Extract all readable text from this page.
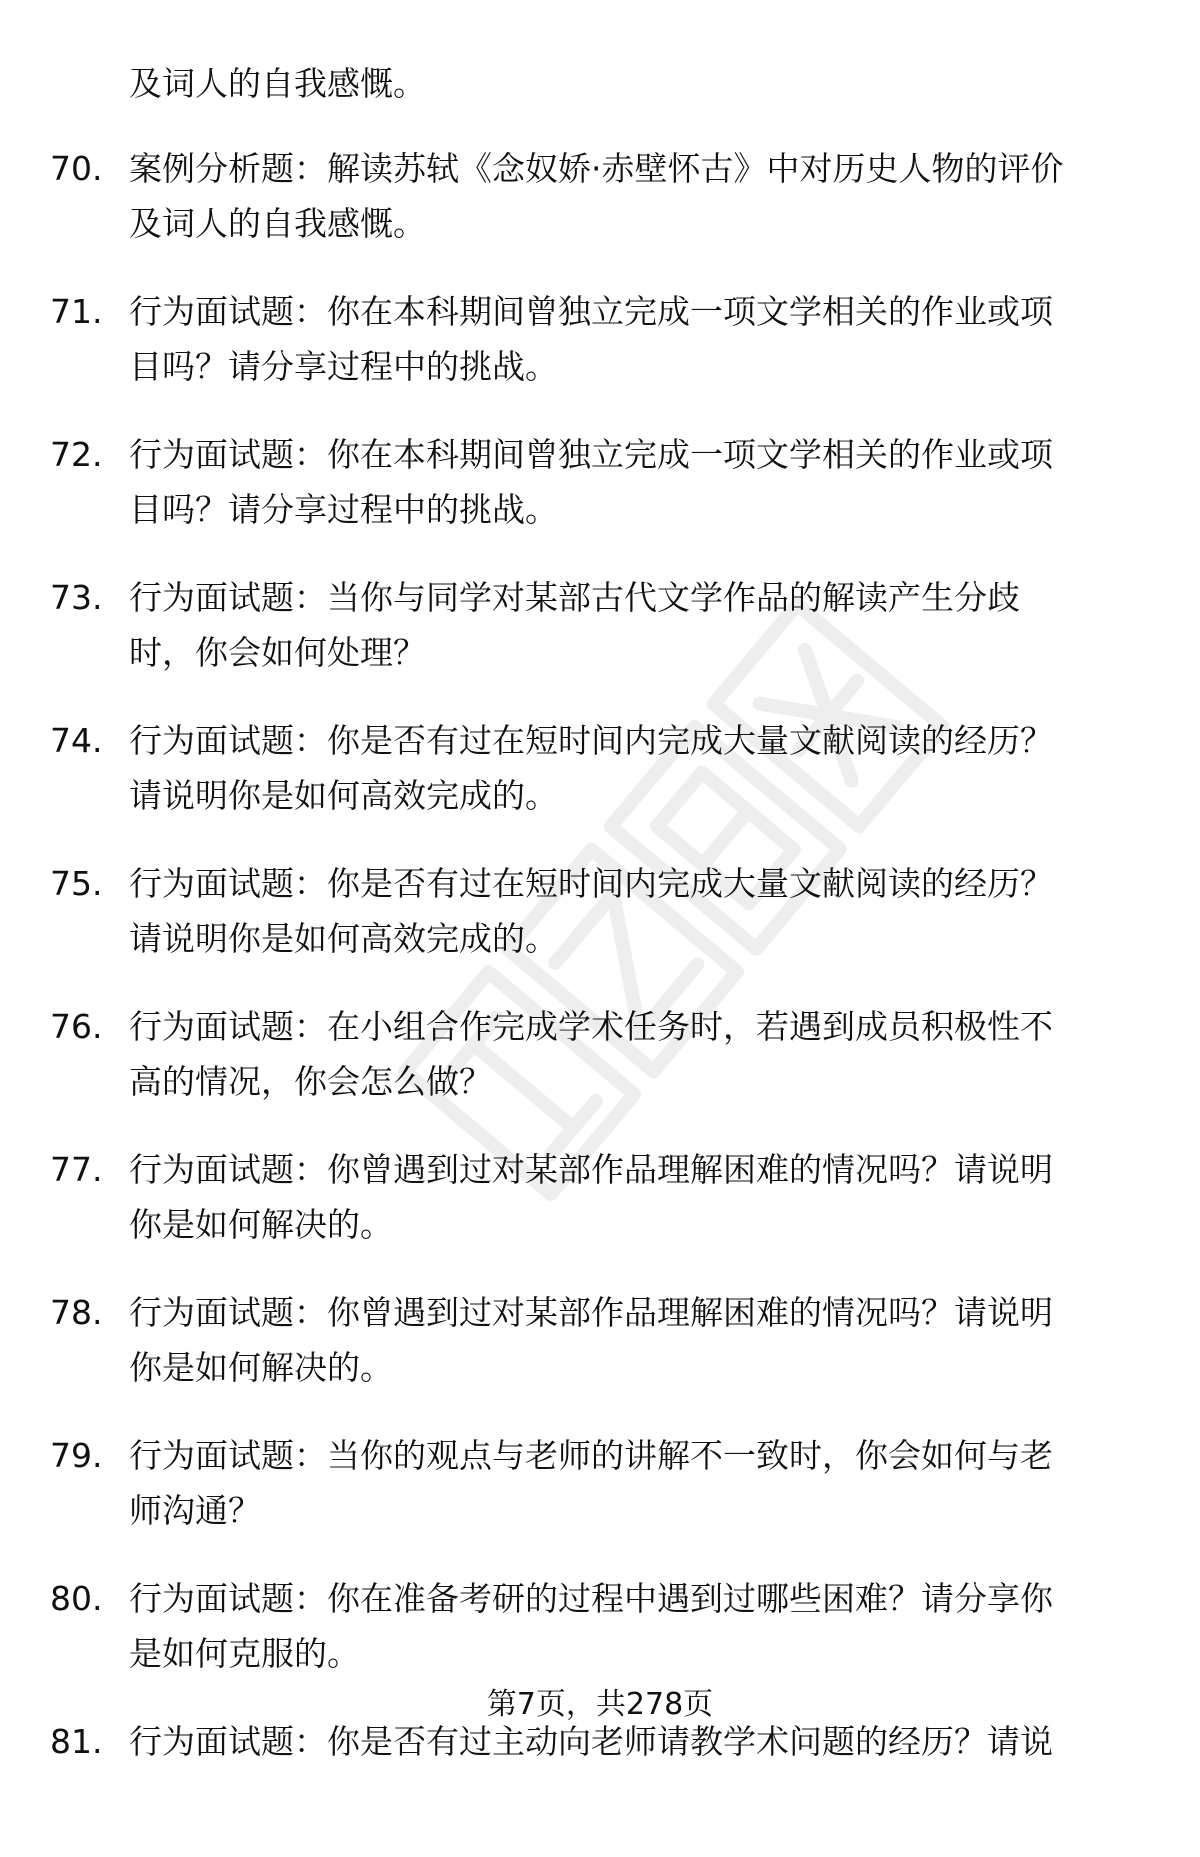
及词人的自我感慨。

70. 案例分析题：解读苏轼《念奴娇·赤壁怀古》中对历史人物的评价
及词人的自我感慨。
71. 行为面试题：你在本科期间曾独立完成一项文学相关的作业或项
目吗？请分享过程中的挑战。
72. 行为面试题：你在本科期间曾独立完成一项文学相关的作业或项
目吗？请分享过程中的挑战。
73. 行为面试题：当你与同学对某部古代文学作品的解读产生分歧
时，你会如何处理？
74. 行为面试题：你是否有过在短时间内完成大量文献阅读的经历？
请说明你是如何高效完成的。
75. 行为面试题：你是否有过在短时间内完成大量文献阅读的经历？
请说明你是如何高效完成的。
76. 行为面试题：在小组合作完成学术任务时，若遇到成员积极性不
高的情况，你会怎么做？
77. 行为面试题：你曾遇到过对某部作品理解困难的情况吗？请说明
你是如何解决的。
78. 行为面试题：你曾遇到过对某部作品理解困难的情况吗？请说明
你是如何解决的。
79. 行为面试题：当你的观点与老师的讲解不一致时，你会如何与老
师沟通？
80. 行为面试题：你在准备考研的过程中遇到过哪些困难？请分享你
是如何克服的。
81. 行为面试题：你是否有过主动向老师请教学术问题的经历？请说
第7页，共278页
